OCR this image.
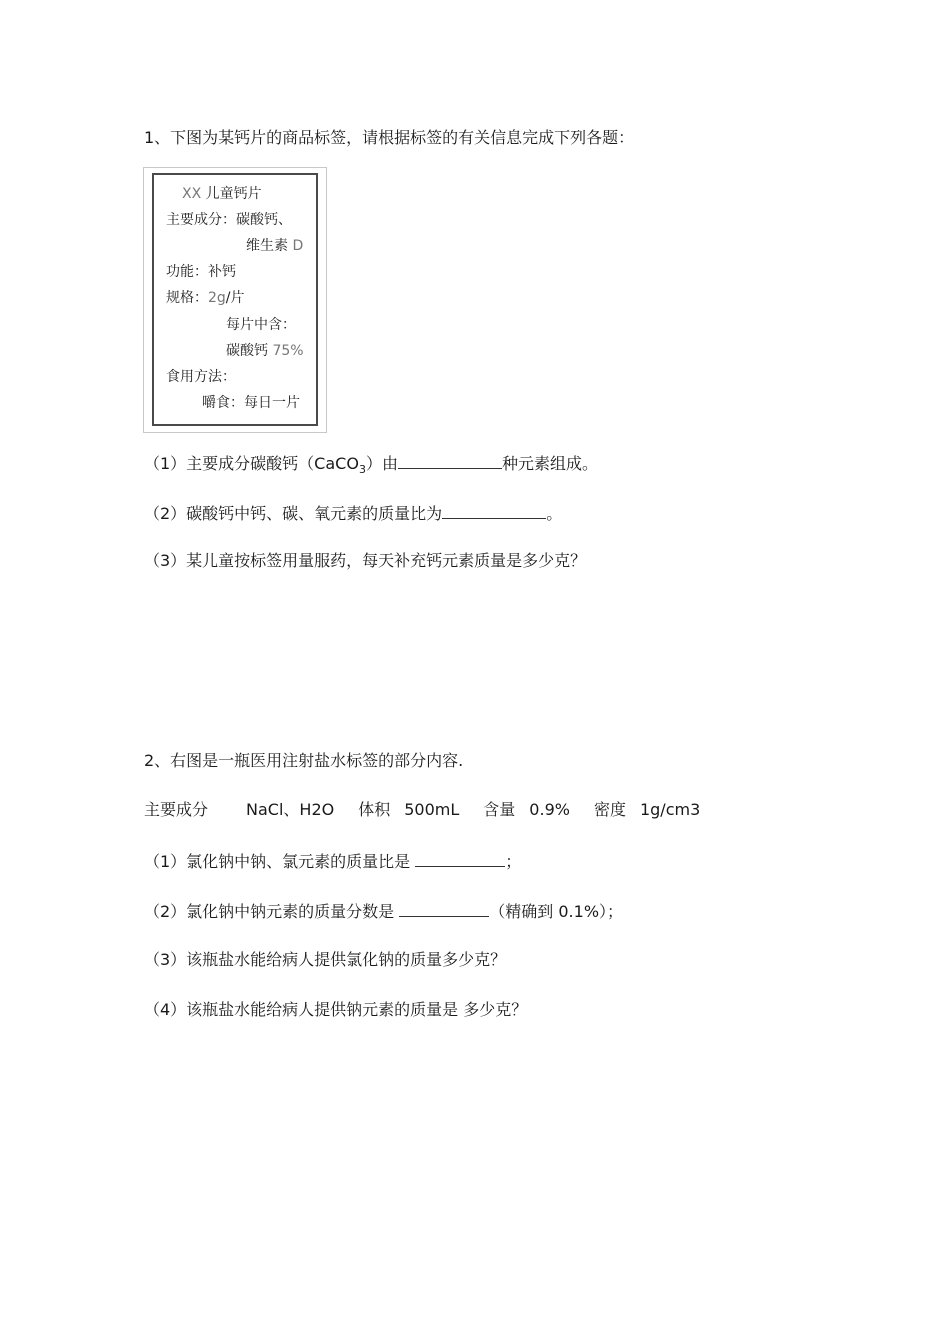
1、下图为某钙片的商品标签，请根据标签的有关信息完成下列各题：
XX 儿童钙片
主要成分：碳酸钙、
维生素 D
功能：补钙
规格：2g/片
每片中含：
碳酸钙 75%
食用方法：
嚼食：每日一片
（1）主要成分碳酸钙（CaCO$_3$）由	种元素组成。
（2）碳酸钙中钙、碳、氧元素的质量比为	。
（3）某儿童按标签用量服药，每天补充钙元素质量是多少克？
2、右图是一瓶医用注射盐水标签的部分内容.
主要成分 NaCl、H2O 体积 500mL 含量 0.9% 密度 1g/cm3
（1）氯化钠中钠、氯元素的质量比是	；
（2）氯化钠中钠元素的质量分数是	（精确到 0.1%）；
（3）该瓶盐水能给病人提供氯化钠的质量多少克？
（4）该瓶盐水能给病人提供钠元素的质量是 多少克？
